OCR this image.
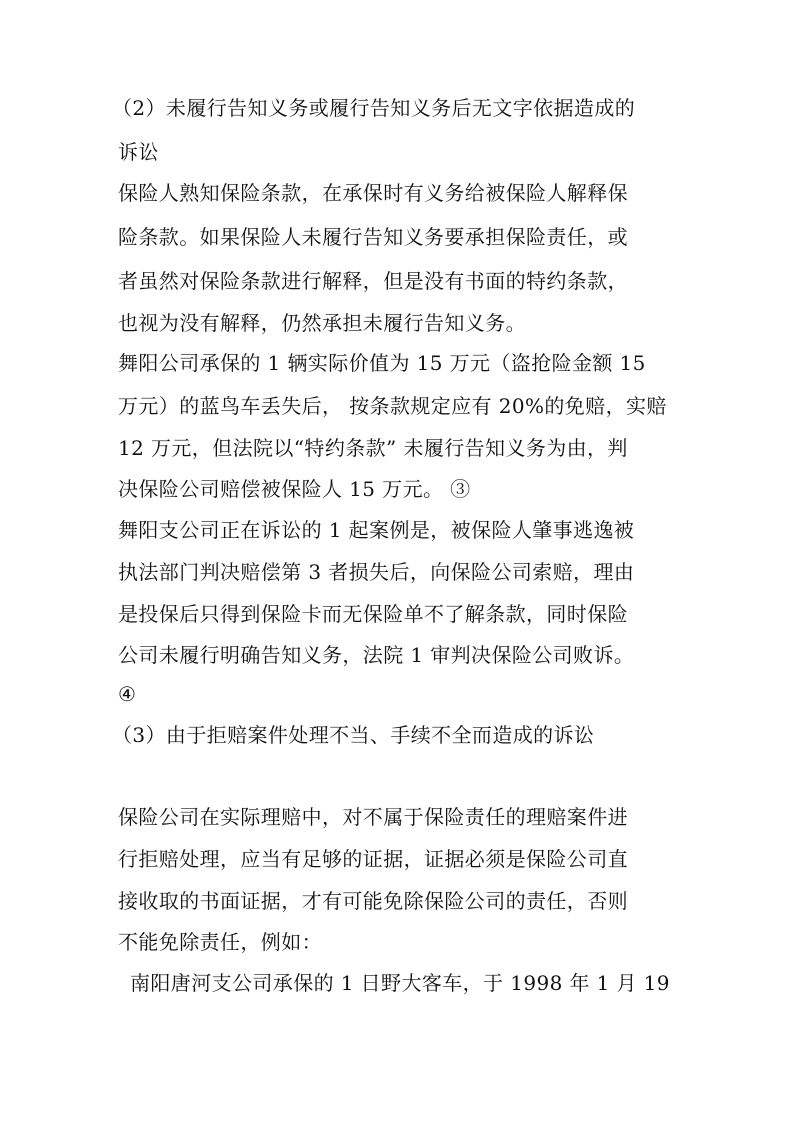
（2）未履行告知义务或履行告知义务后无文字依据造成的
诉讼
保险人熟知保险条款，在承保时有义务给被保险人解释保
险条款。如果保险人未履行告知义务要承担保险责任，或
者虽然对保险条款进行解释，但是没有书面的特约条款，
也视为没有解释，仍然承担未履行告知义务。
舞阳公司承保的 1 辆实际价值为 15 万元（盗抢险金额 15
万元）的蓝鸟车丢失后， 按条款规定应有 20%的免赔，实赔
12 万元，但法院以“特约条款” 未履行告知义务为由，判
决保险公司赔偿被保险人 15 万元。 ③
舞阳支公司正在诉讼的 1 起案例是，被保险人肇事逃逸被
执法部门判决赔偿第 3 者损失后，向保险公司索赔，理由
是投保后只得到保险卡而无保险单不了解条款，同时保险
公司未履行明确告知义务，法院 1 审判决保险公司败诉。
④
（3）由于拒赔案件处理不当、手续不全而造成的诉讼
保险公司在实际理赔中，对不属于保险责任的理赔案件进
行拒赔处理，应当有足够的证据，证据必须是保险公司直
接收取的书面证据，才有可能免除保险公司的责任，否则
不能免除责任，例如：
南阳唐河支公司承保的 1 日野大客车，于 1998 年 1 月 19
